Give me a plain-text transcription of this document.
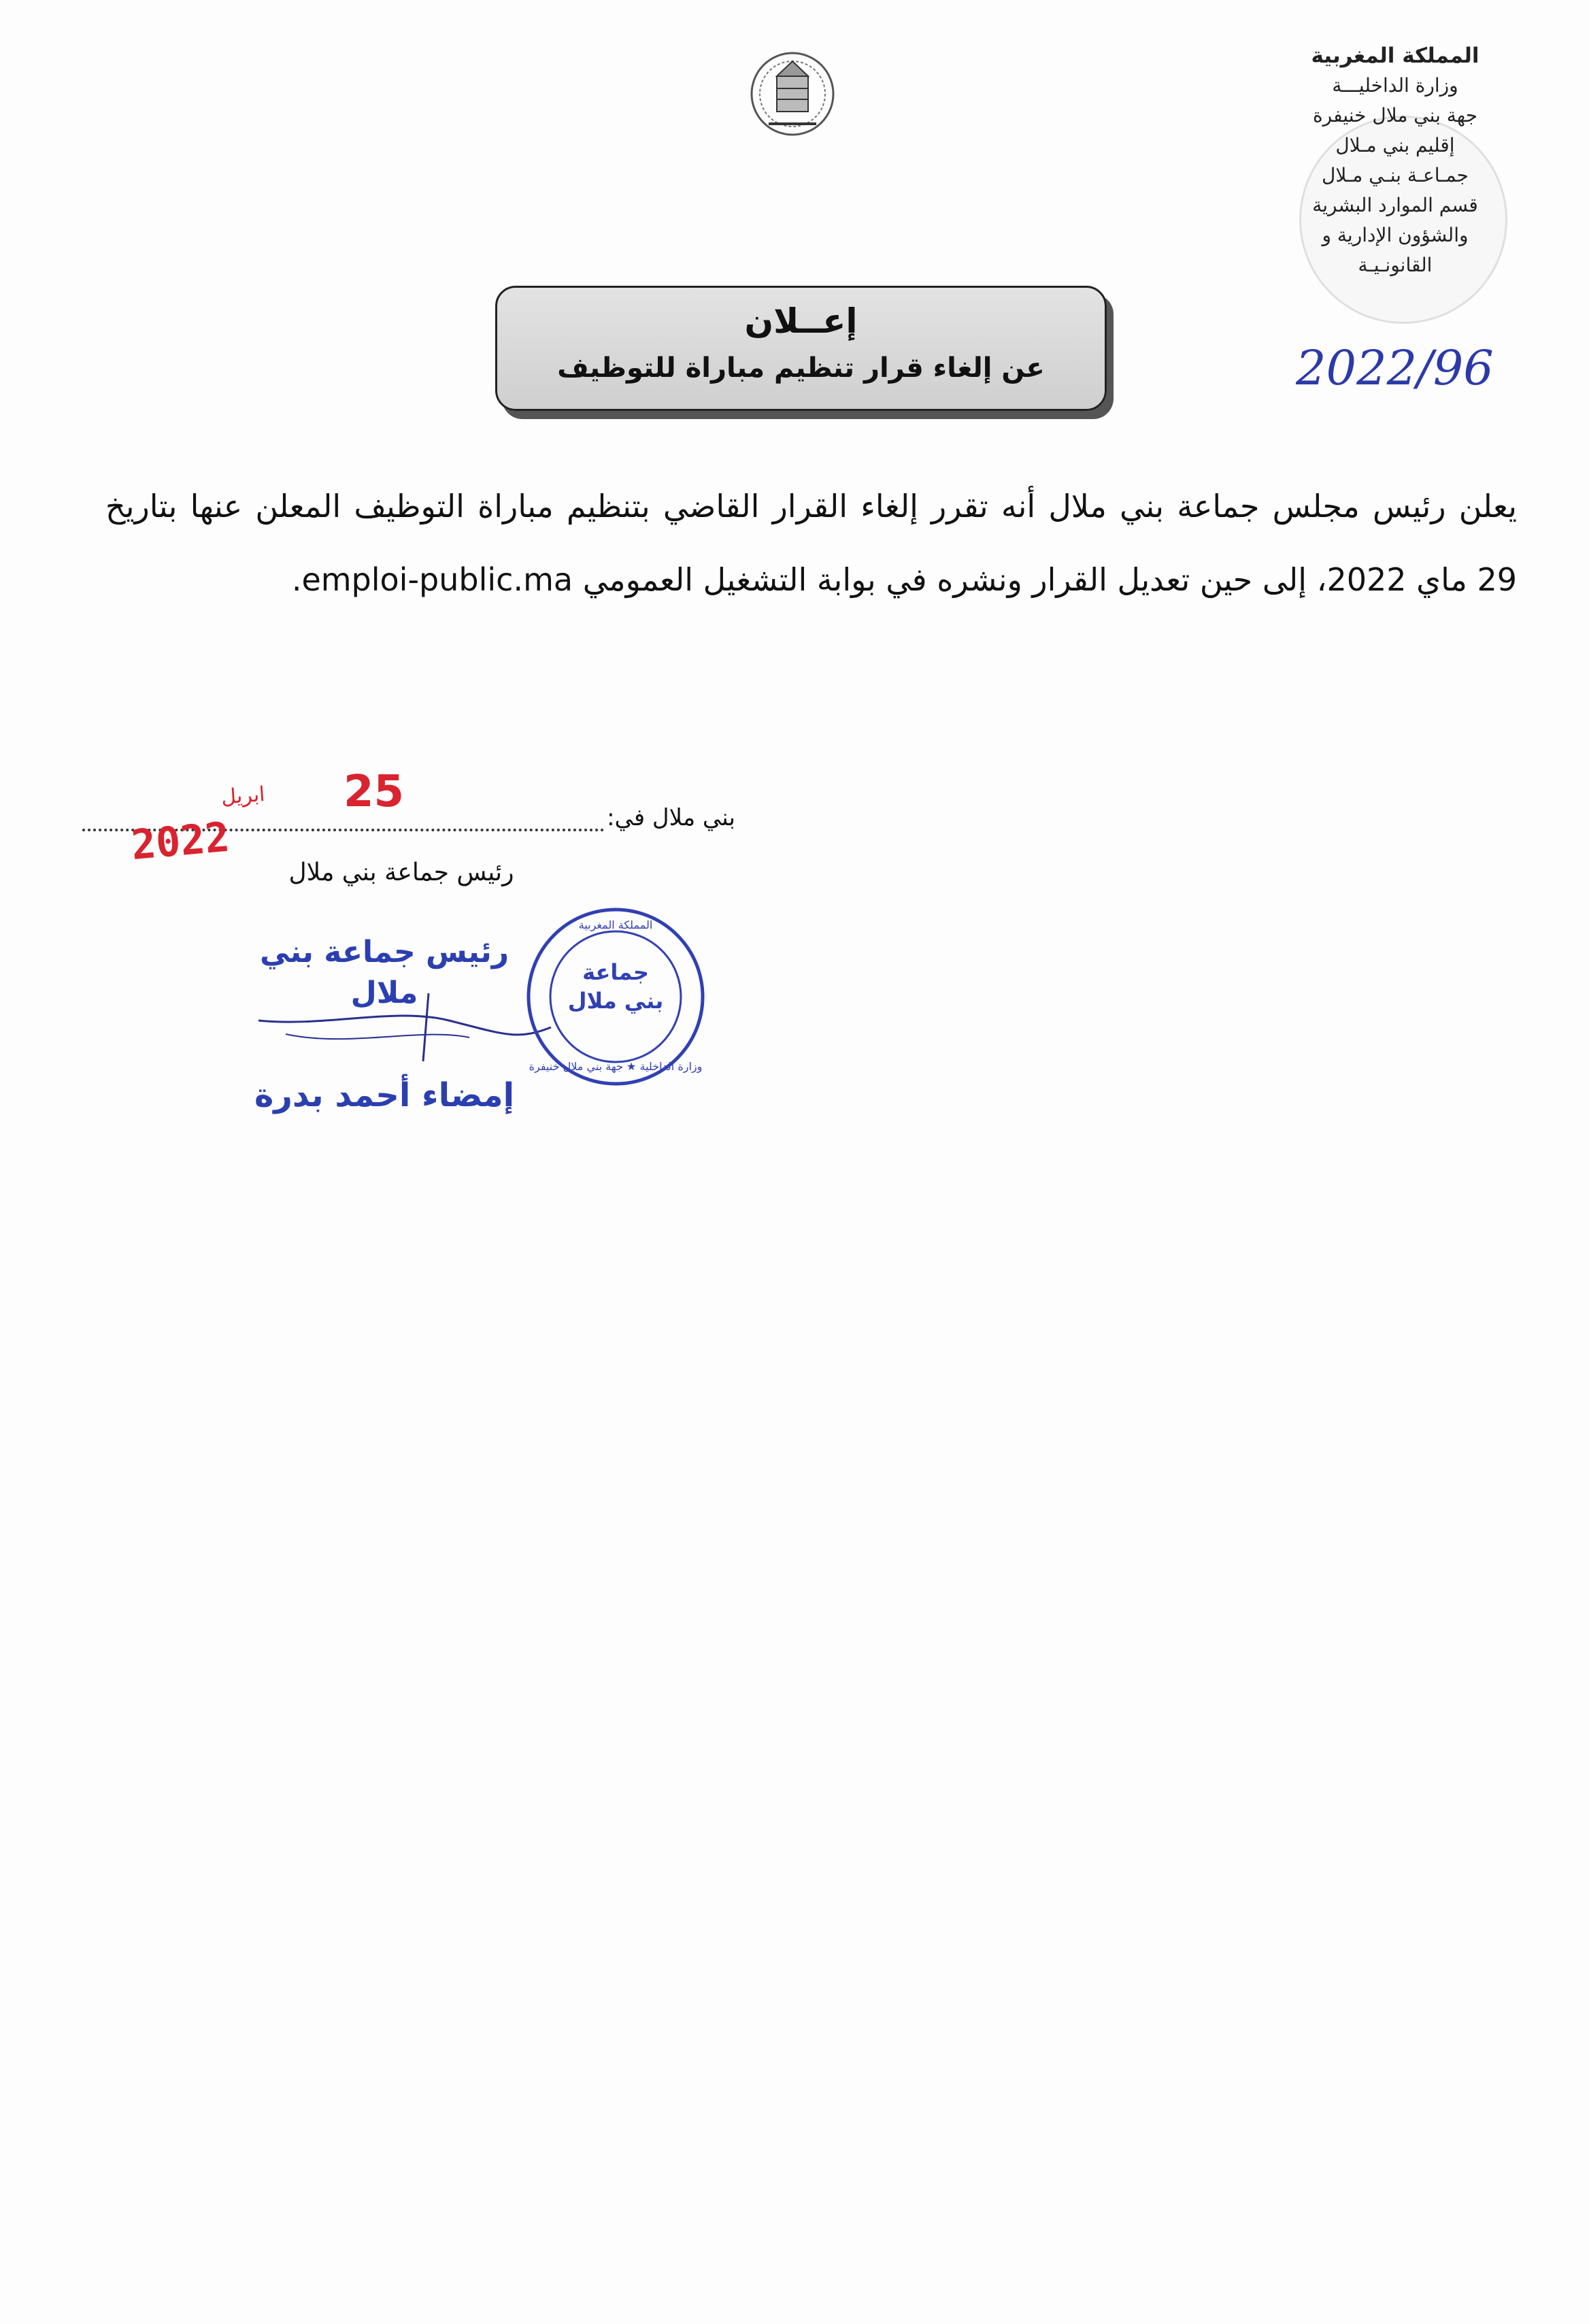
المملكة المغربية
وزارة الداخليـــة
جهة بني ملال خنيفرة
إقليم بني مـلال
جمـاعـة بنـي مـلال
قسم الموارد البشرية
والشؤون الإدارية و
القانونـيـة
2022/96
إعــلان
عن إلغاء قرار تنظيم مباراة للتوظيف
يعلن رئيس مجلس جماعة بني ملال أنه تقرر إلغاء القرار القاضي بتنظيم مباراة التوظيف المعلن عنها بتاريخ 29 ماي 2022، إلى حين تعديل القرار ونشره في بوابة التشغيل العمومي emploi-public.ma.
بني ملال في:
25
ابريل
2022
رئيس جماعة بني ملال
رئيس جماعة بني ملال
إمضاء أحمد بدرة
المملكة المغربية
جماعة
بني ملال
وزارة الداخلية ★ جهة بني ملال خنيفرة
